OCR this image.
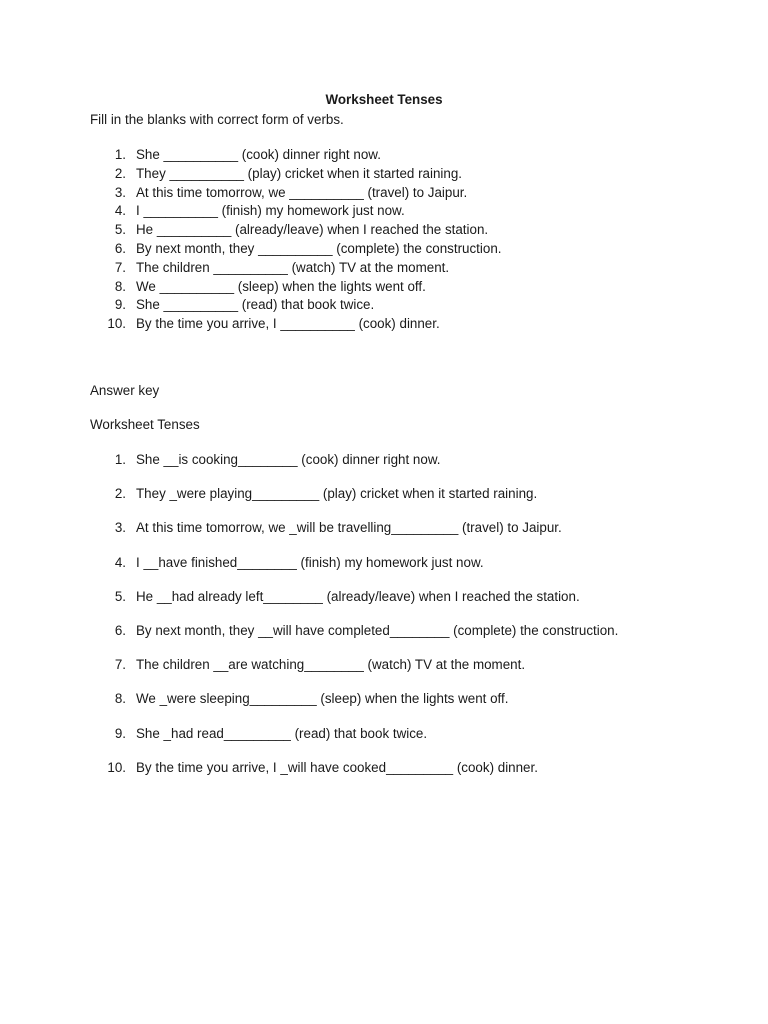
Worksheet Tenses
Fill in the blanks with correct form of verbs.
1. She __________ (cook) dinner right now.
2. They __________ (play) cricket when it started raining.
3. At this time tomorrow, we __________ (travel) to Jaipur.
4. I __________ (finish) my homework just now.
5. He __________ (already/leave) when I reached the station.
6. By next month, they __________ (complete) the construction.
7. The children __________ (watch) TV at the moment.
8. We __________ (sleep) when the lights went off.
9. She __________ (read) that book twice.
10. By the time you arrive, I __________ (cook) dinner.
Answer key
Worksheet Tenses
1. She __is cooking________ (cook) dinner right now.
2. They _were playing_________ (play) cricket when it started raining.
3. At this time tomorrow, we _will be travelling_________ (travel) to Jaipur.
4. I __have finished________ (finish) my homework just now.
5. He __had already left________ (already/leave) when I reached the station.
6. By next month, they __will have completed________ (complete) the construction.
7. The children __are watching________ (watch) TV at the moment.
8. We _were sleeping_________ (sleep) when the lights went off.
9. She _had read_________ (read) that book twice.
10. By the time you arrive, I _will have cooked_________ (cook) dinner.
